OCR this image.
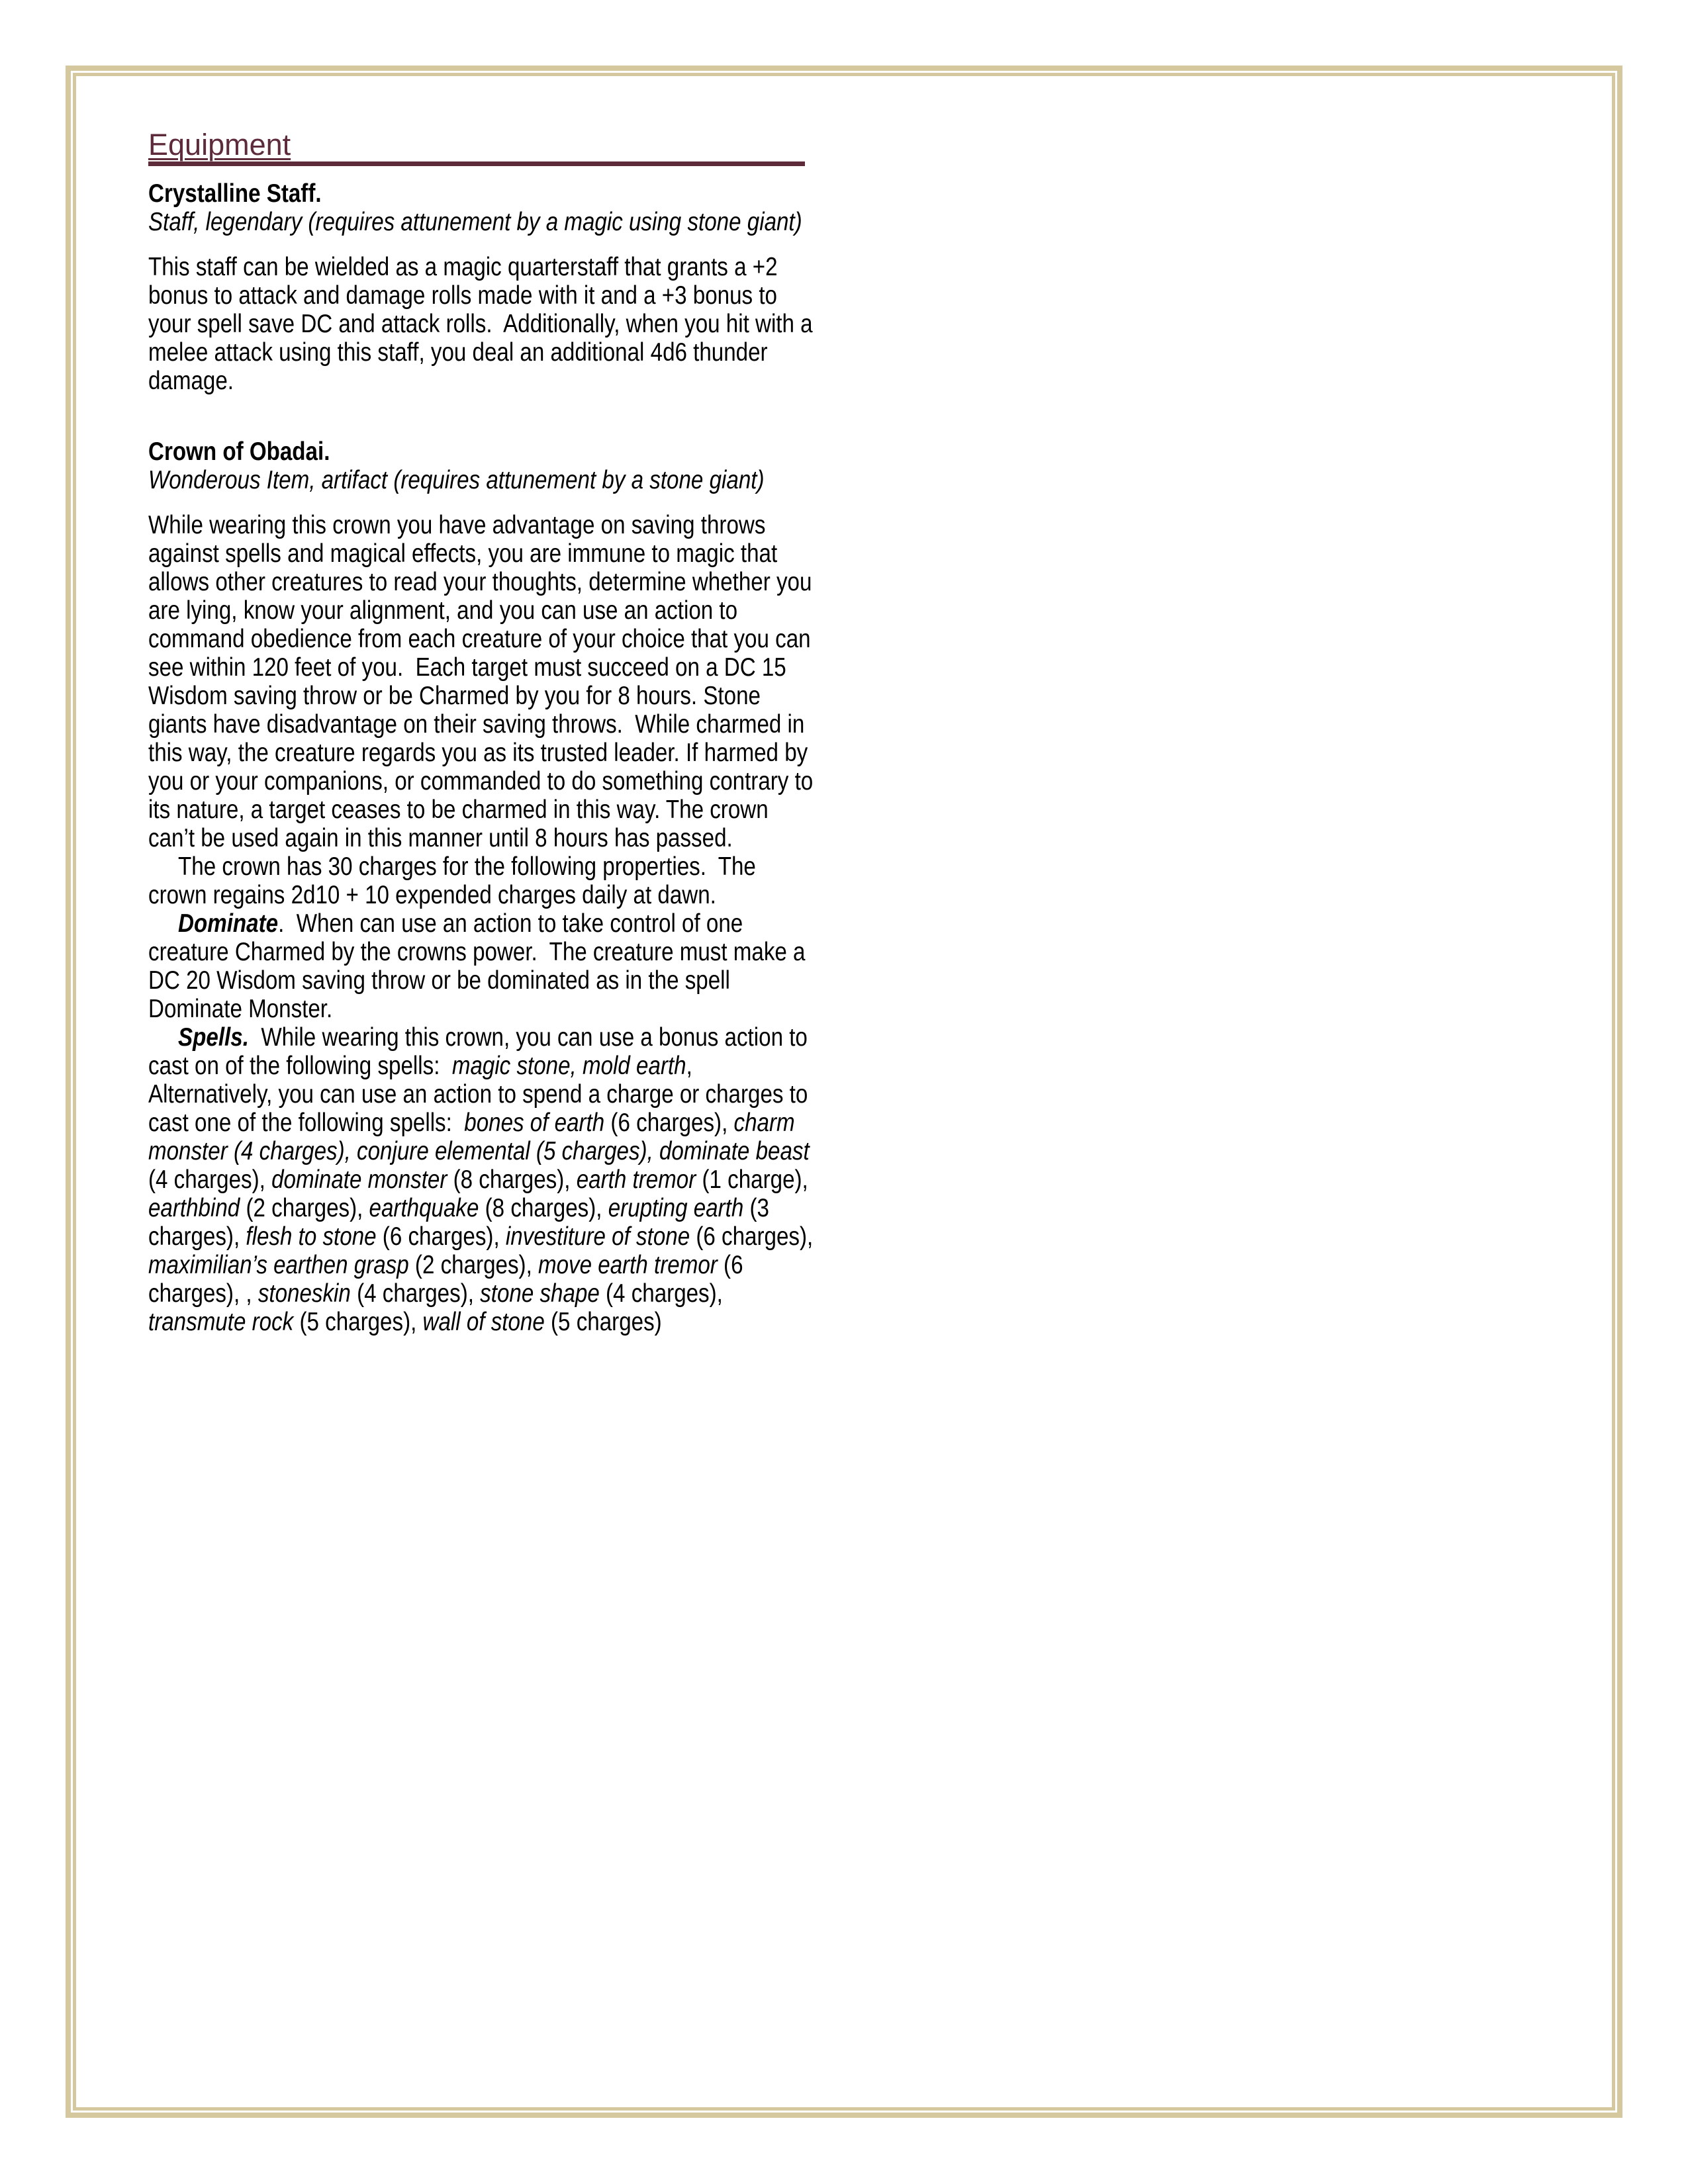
Equipment

Crystalline Staff.

Staff, legendary (requires attunement by a magic using stone giant)

This staff can be wielded as a magic quarterstaff that grants a +2 bonus to attack and damage rolls made with it and a +3 bonus to your spell save DC and attack rolls.  Additionally, when you hit with a melee attack using this staff, you deal an additional 4d6 thunder damage.

Crown of Obadai.

Wonderous Item, artifact (requires attunement by a stone giant)

While wearing this crown you have advantage on saving throws against spells and magical effects, you are immune to magic that allows other creatures to read your thoughts, determine whether you are lying, know your alignment, and you can use an action to command obedience from each creature of your choice that you can see within 120 feet of you.  Each target must succeed on a DC 15 Wisdom saving throw or be Charmed by you for 8 hours. Stone giants have disadvantage on their saving throws.  While charmed in this way, the creature regards you as its trusted leader. If harmed by you or your companions, or commanded to do something contrary to its nature, a target ceases to be charmed in this way. The crown can’t be used again in this manner until 8 hours has passed.

The crown has 30 charges for the following properties.  The crown regains 2d10 + 10 expended charges daily at dawn.

Dominate.  When can use an action to take control of one creature Charmed by the crowns power.  The creature must make a DC 20 Wisdom saving throw or be dominated as in the spell Dominate Monster.

Spells.  While wearing this crown, you can use a bonus action to cast on of the following spells:  magic stone, mold earth, Alternatively, you can use an action to spend a charge or charges to cast one of the following spells:  bones of earth (6 charges), charm monster (4 charges), conjure elemental (5 charges), dominate beast (4 charges), dominate monster (8 charges), earth tremor (1 charge), earthbind (2 charges), earthquake (8 charges), erupting earth (3 charges), flesh to stone (6 charges), investiture of stone (6 charges), maximilian’s earthen grasp (2 charges), move earth tremor (6 charges), , stoneskin (4 charges), stone shape (4 charges), transmute rock (5 charges), wall of stone (5 charges)
